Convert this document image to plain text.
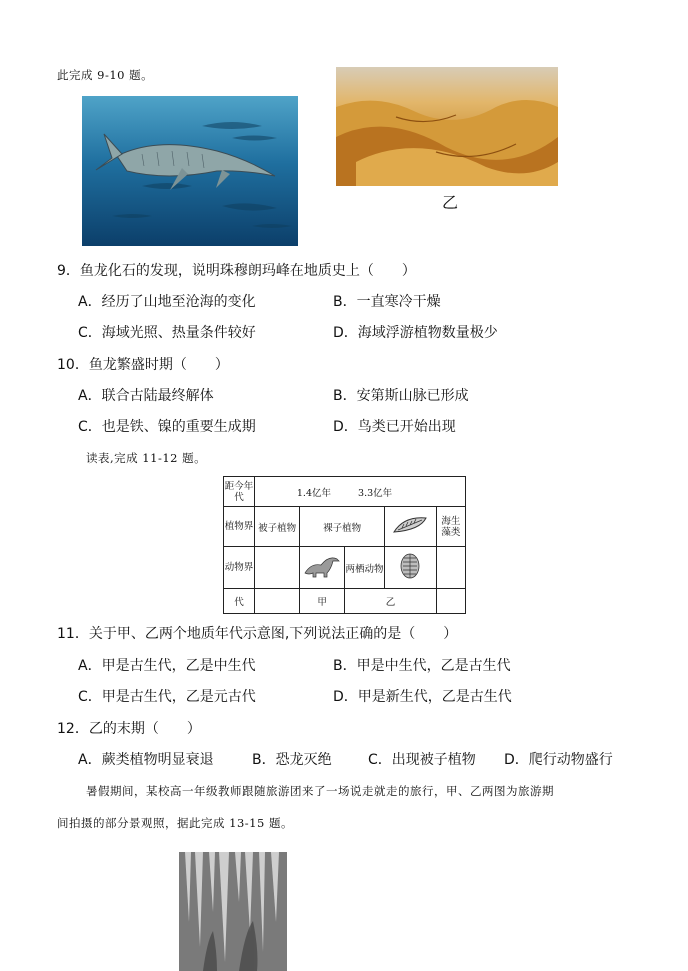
此完成 9-10 题。
乙
9．鱼龙化石的发现，说明珠穆朗玛峰在地质史上（　　）
A．经历了山地至沧海的变化	B．一直寒冷干燥
C．海域光照、热量条件较好	D．海域浮游植物数量极少
10．鱼龙繁盛时期（　　）
A．联合古陆最终解体	B．安第斯山脉已形成
C．也是铁、镍的重要生成期	D．鸟类已开始出现
读表,完成 11-12 题。
距今年代	1.4亿年 3.3亿年				
植物界	被子植物	裸子植物			海生藻类
动物界			两栖动物		
代		甲	乙		
11．关于甲、乙两个地质年代示意图,下列说法正确的是（　　）
A．甲是古生代，乙是中生代	B．甲是中生代，乙是古生代
C．甲是古生代，乙是元古代	D．甲是新生代，乙是古生代
12．乙的末期（　　）
A．蕨类植物明显衰退	B．恐龙灭绝	C．出现被子植物 D．爬行动物盛行
暑假期间，某校高一年级教师跟随旅游团来了一场说走就走的旅行，甲、乙两图为旅游期
间拍摄的部分景观照，据此完成 13-15 题。
